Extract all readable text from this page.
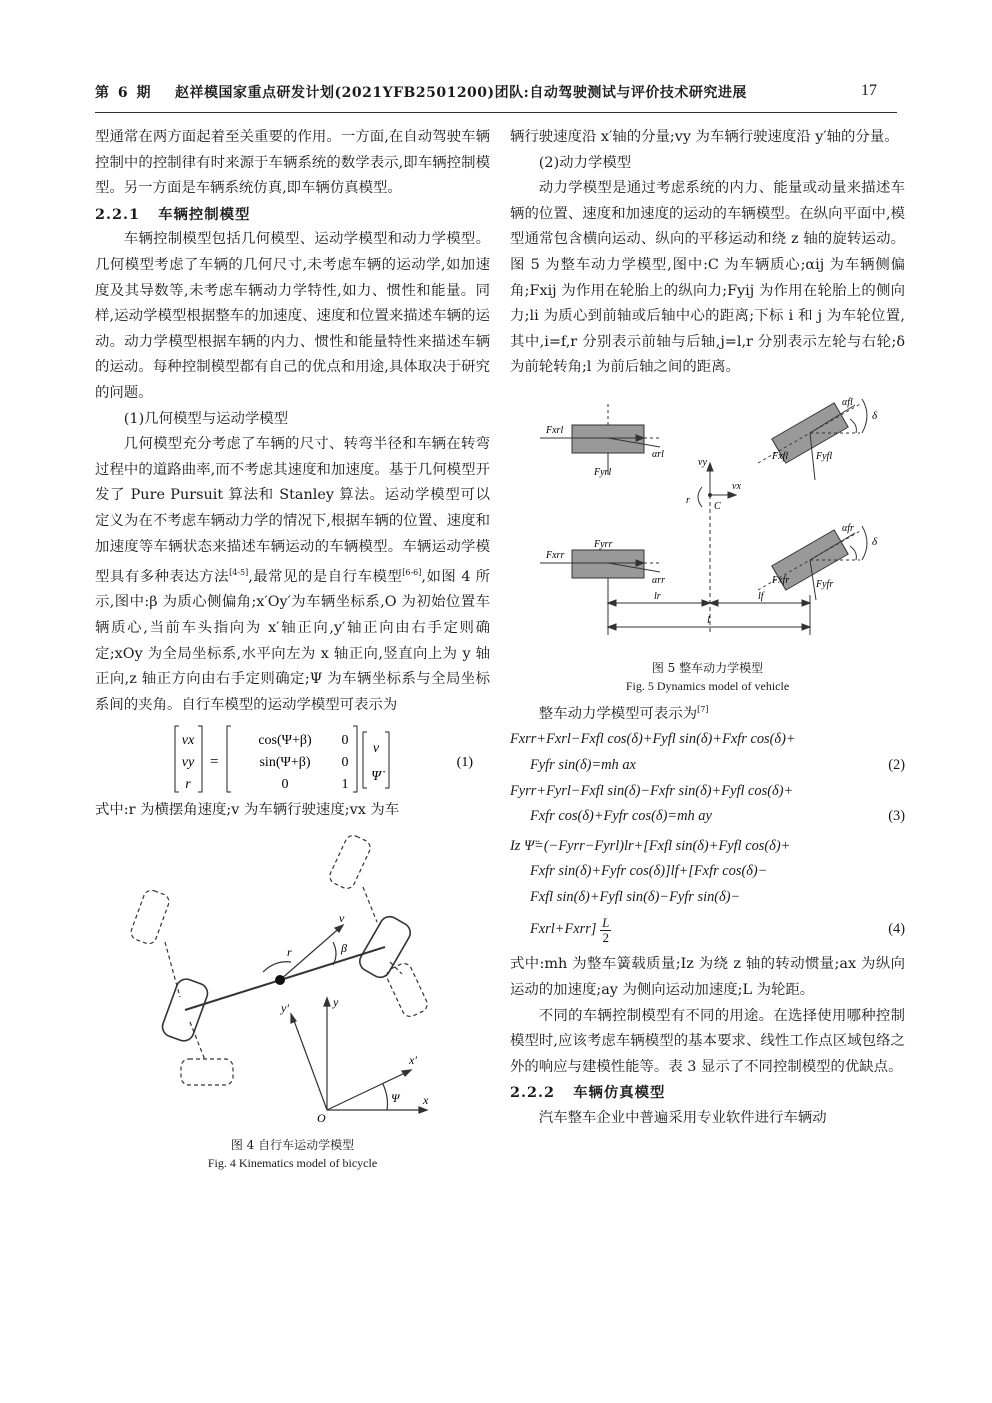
第 6 期 赵祥模国家重点研发计划(2021YFB2501200)团队:自动驾驶测试与评价技术研究进展	17

型通常在两方面起着至关重要的作用。一方面,在自动驾驶车辆控制中的控制律有时来源于车辆系统的数学表示,即车辆控制模型。另一方面是车辆系统仿真,即车辆仿真模型。

2.2.1 车辆控制模型

车辆控制模型包括几何模型、运动学模型和动力学模型。几何模型考虑了车辆的几何尺寸,未考虑车辆的运动学,如加速度及其导数等,未考虑车辆动力学特性,如力、惯性和能量。同样,运动学模型根据整车的加速度、速度和位置来描述车辆的运动。动力学模型根据车辆的内力、惯性和能量特性来描述车辆的运动。每种控制模型都有自己的优点和用途,具体取决于研究的问题。

(1)几何模型与运动学模型

几何模型充分考虑了车辆的尺寸、转弯半径和车辆在转弯过程中的道路曲率,而不考虑其速度和加速度。基于几何模型开发了 Pure Pursuit 算法和 Stanley 算法。运动学模型可以定义为在不考虑车辆动力学的情况下,根据车辆的位置、速度和加速度等车辆状态来描述车辆运动的车辆模型。车辆运动学模型具有多种表达方法[4-5],最常见的是自行车模型[6-6],如图 4 所示,图中:β 为质心侧偏角;x′Oy′为车辆坐标系,O 为初始位置车辆质心,当前车头指向为 x′轴正向,y′轴正向由右手定则确定;xOy 为全局坐标系,水平向左为 x 轴正向,竖直向上为 y 轴正向,z 轴正方向由右手定则确定;Ψ 为车辆坐标系与全局坐标系间的夹角。自行车模型的运动学模型可表示为

vx
vy
r
=
cos(Ψ+β) 0
sin(Ψ+β) 0
0	1
v
Ψ̇
(1)

式中:r 为横摆角速度;v 为车辆行驶速度;vx 为车

v
β
r
y′	y
x′
Ψ x
O
图 4 自行车运动学模型
Fig. 4 Kinematics model of bicycle

辆行驶速度沿 x′轴的分量;vy 为车辆行驶速度沿 y′轴的分量。

(2)动力学模型

动力学模型是通过考虑系统的内力、能量或动量来描述车辆的位置、速度和加速度的运动的车辆模型。在纵向平面中,模型通常包含横向运动、纵向的平移运动和绕 z 轴的旋转运动。图 5 为整车动力学模型,图中:C 为车辆质心;αij 为车辆侧偏角;Fxij 为作用在轮胎上的纵向力;Fyij 为作用在轮胎上的侧向力;li 为质心到前轴或后轴中心的距离;下标 i 和 j 为车轮位置,其中,i=f,r 分别表示前轴与后轴,j=l,r 分别表示左轮与右轮;δ 为前轮转角;l 为前后轴之间的距离。

Fxrl
Fyrl
αrl
Fxrr
Fyrr
αrr
αfl
Fxfl	Fyfl
δ
αfr
Fxfr	Fyfr
δ
vy
vx
r
C
lr	lf
l
图 5 整车动力学模型
Fig. 5 Dynamics model of vehicle

整车动力学模型可表示为[7]

Fxrr+Fxrl−Fxfl cos(δ)+Fyfl sin(δ)+Fxfr cos(δ)+
Fyfr sin(δ)=mh ax	(2)
Fyrr+Fyrl−Fxfl sin(δ)−Fxfr sin(δ)+Fyfl cos(δ)+
Fxfr cos(δ)+Fyfr cos(δ)=mh ay	(3)
Iz Ψ̈=(−Fyrr−Fyrl)lr+[Fxfl sin(δ)+Fyfl cos(δ)+
Fxfr sin(δ)+Fyfr cos(δ)]lf+[Fxfr cos(δ)−
Fxfl sin(δ)+Fyfl sin(δ)−Fyfr sin(δ)−
Fxrl+Fxrr] $\frac{L}{2}$	(4)

式中:mh 为整车簧载质量;Iz 为绕 z 轴的转动惯量;ax 为纵向运动的加速度;ay 为侧向运动加速度;L 为轮距。

不同的车辆控制模型有不同的用途。在选择使用哪种控制模型时,应该考虑车辆模型的基本要求、线性工作点区域包络之外的响应与建模性能等。表 3 显示了不同控制模型的优缺点。

2.2.2 车辆仿真模型

汽车整车企业中普遍采用专业软件进行车辆动
